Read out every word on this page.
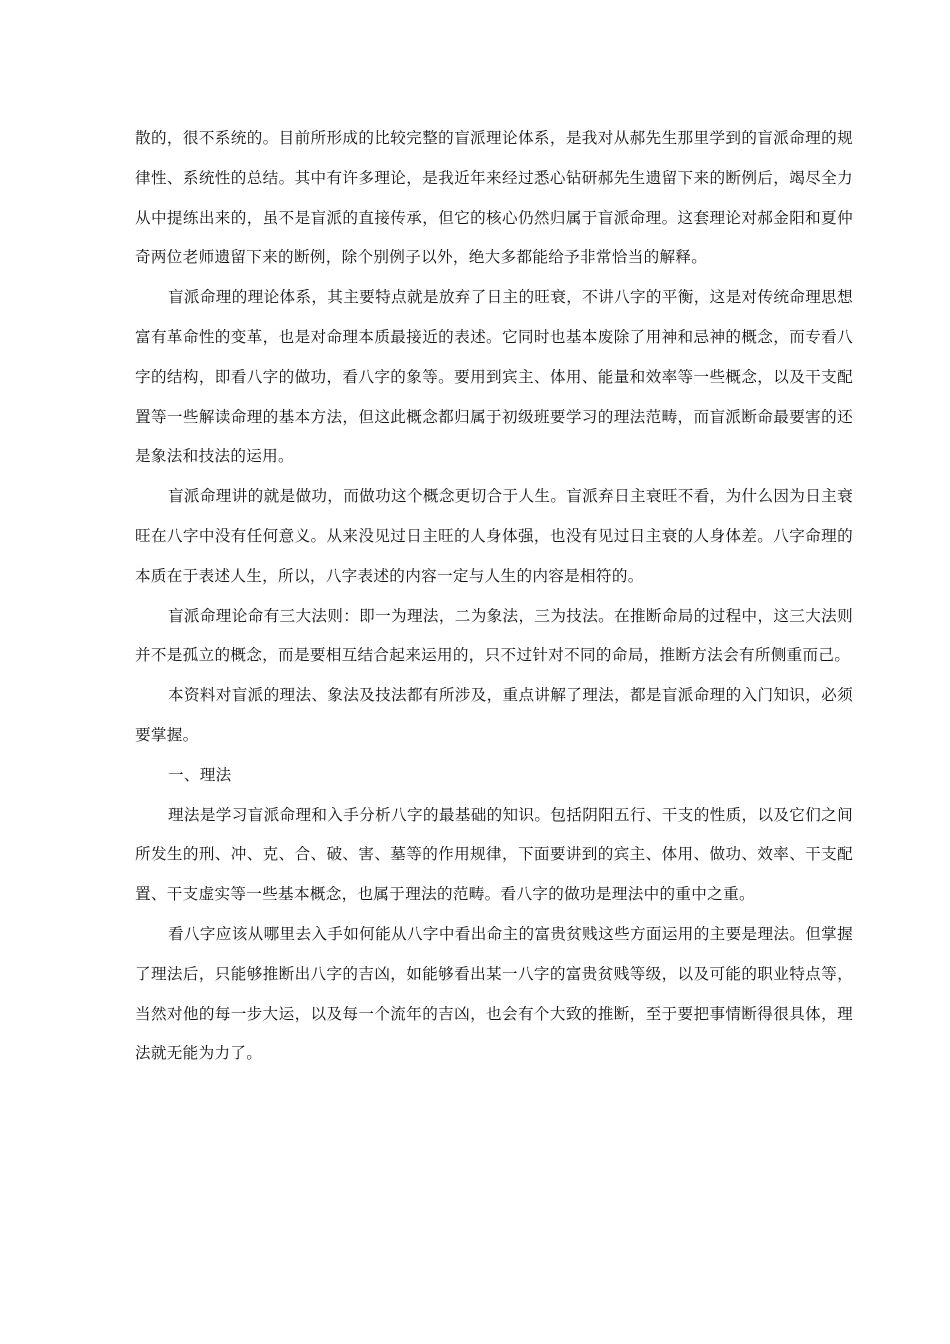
散的，很不系统的。目前所形成的比较完整的盲派理论体系，是我对从郝先生那里学到的盲派命理的规律性、系统性的总结。其中有许多理论，是我近年来经过悉心钻研郝先生遗留下来的断例后，竭尽全力从中提练出来的，虽不是盲派的直接传承，但它的核心仍然归属于盲派命理。这套理论对郝金阳和夏仲奇两位老师遗留下来的断例，除个别例子以外，绝大多都能给予非常恰当的解释。

盲派命理的理论体系，其主要特点就是放弃了日主的旺衰，不讲八字的平衡，这是对传统命理思想富有革命性的变革，也是对命理本质最接近的表述。它同时也基本废除了用神和忌神的概念，而专看八字的结构，即看八字的做功，看八字的象等。要用到宾主、体用、能量和效率等一些概念，以及干支配置等一些解读命理的基本方法，但这此概念都归属于初级班要学习的理法范畴，而盲派断命最要害的还是象法和技法的运用。

盲派命理讲的就是做功，而做功这个概念更切合于人生。盲派弃日主衰旺不看，为什么因为日主衰旺在八字中没有任何意义。从来没见过日主旺的人身体强，也没有见过日主衰的人身体差。八字命理的本质在于表述人生，所以，八字表述的内容一定与人生的内容是相符的。

盲派命理论命有三大法则：即一为理法，二为象法，三为技法。在推断命局的过程中，这三大法则并不是孤立的概念，而是要相互结合起来运用的，只不过针对不同的命局，推断方法会有所侧重而己。

本资料对盲派的理法、象法及技法都有所涉及，重点讲解了理法，都是盲派命理的入门知识，必须要掌握。

一、理法

理法是学习盲派命理和入手分析八字的最基础的知识。包括阴阳五行、干支的性质，以及它们之间所发生的刑、冲、克、合、破、害、墓等的作用规律，下面要讲到的宾主、体用、做功、效率、干支配置、干支虚实等一些基本概念，也属于理法的范畴。看八字的做功是理法中的重中之重。

看八字应该从哪里去入手如何能从八字中看出命主的富贵贫贱这些方面运用的主要是理法。但掌握了理法后，只能够推断出八字的吉凶，如能够看出某一八字的富贵贫贱等级，以及可能的职业特点等，当然对他的每一步大运，以及每一个流年的吉凶，也会有个大致的推断，至于要把事情断得很具体，理法就无能为力了。
